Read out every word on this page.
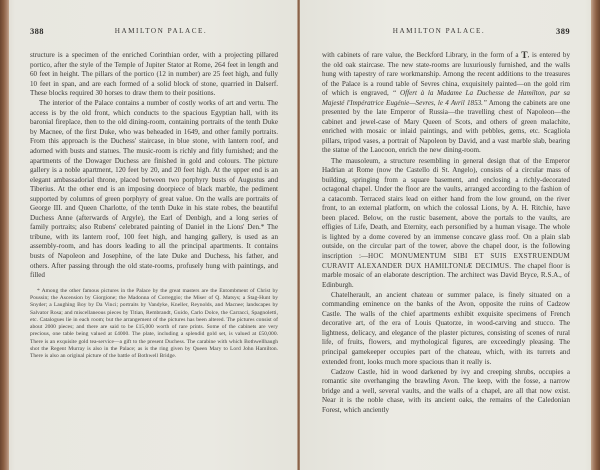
388	HAMILTON PALACE.

structure is a specimen of the enriched Corinthian order, with a projecting pillared portico, after the style of the Temple of Jupiter Stator at Rome, 264 feet in length and 60 feet in height. The pillars of the portico (12 in number) are 25 feet high, and fully 10 feet in span, and are each formed of a solid block of stone, quarried in Dalserf. These blocks required 30 horses to draw them to their positions.

The interior of the Palace contains a number of costly works of art and vertu. The access is by the old front, which conducts to the spacious Egyptian hall, with its baronial fireplace, then to the old dining-room, containing portraits of the tenth Duke by Macnee, of the first Duke, who was beheaded in 1649, and other family portraits. From this approach is the Duchess' staircase, in blue stone, with lantern roof, and adorned with busts and statues. The music-room is richly and fitly furnished; and the apartments of the Dowager Duchess are finished in gold and colours. The picture gallery is a noble apartment, 120 feet by 20, and 20 feet high. At the upper end is an elegant ambassadorial throne, placed between two porphyry busts of Augustus and Tiberius. At the other end is an imposing doorpiece of black marble, the pediment supported by columns of green porphyry of great value. On the walls are portraits of George III. and Queen Charlotte, of the tenth Duke in his state robes, the beautiful Duchess Anne (afterwards of Argyle), the Earl of Denbigh, and a long series of family portraits; also Rubens' celebrated painting of Daniel in the Lions' Den.* The tribune, with its lantern roof, 100 feet high, and hanging gallery, is used as an assembly-room, and has doors leading to all the principal apartments. It contains busts of Napoleon and Josephine, of the late Duke and Duchess, his father, and others. After passing through the old state-rooms, profusely hung with paintings, and filled

* Among the other famous pictures in the Palace by the great masters are the Entombment of Christ by Poussin; the Ascension by Giorgione; the Madonna of Correggio; the Miser of Q. Matsys; a Stag-Hunt by Snyder; a Laughing Boy by Da Vinci; portraits by Vandyke, Kneller, Reynolds, and Macnee; landscapes by Salvator Rosa; and miscellaneous pieces by Titian, Rembrandt, Guido, Carlo Dolce, the Carracci, Spagnoletti, etc. Catalogues lie in each room; but the arrangement of the pictures has been altered. The pictures consist of about 2000 pieces; and there are said to be £15,000 worth of rare prints. Some of the cabinets are very precious, one table being valued at £4000. The plate, including a splendid gold set, is valued at £50,000. There is an exquisite gold tea-service—a gift to the present Duchess. The carabine with which Bothwellhaugh shot the Regent Murray is also in the Palace; as is the ring given by Queen Mary to Lord John Hamilton. There is also an original picture of the battle of Bothwell Bridge.

HAMILTON PALACE.	389

with cabinets of rare value, the Beckford Library, in the form of a T, is entered by the old oak staircase. The new state-rooms are luxuriously furnished, and the walls hung with tapestry of rare workmanship. Among the recent additions to the treasures of the Palace is a round table of Sevres china, exquisitely painted—on the gold rim of which is engraved, “ Offert à la Madame La Duchesse de Hamilton, par sa Majesté l'Impératrice Eugénie—Sevres, le 4 Avril 1853.” Among the cabinets are one presented by the late Emperor of Russia—the travelling chest of Napoleon—the cabinet and jewel-case of Mary Queen of Scots, and others of green malachite, enriched with mosaic or inlaid paintings, and with pebbles, gems, etc. Scagliola pillars, tripod vases, a portrait of Napoleon by David, and a vast marble slab, bearing the statue of the Laocoon, enrich the new dining-room.

The mausoleum, a structure resembling in general design that of the Emperor Hadrian at Rome (now the Castello di St. Angelo), consists of a circular mass of building, springing from a square basement, and enclosing a richly-decorated octagonal chapel. Under the floor are the vaults, arranged according to the fashion of a catacomb. Terraced stairs lead on either hand from the low ground, on the river front, to an external platform, on which the colossal Lions, by A. H. Ritchie, have been placed. Below, on the rustic basement, above the portals to the vaults, are effigies of Life, Death, and Eternity, each personified by a human visage. The whole is lighted by a dome covered by an immense concave glass roof. On a plain slab outside, on the circular part of the tower, above the chapel door, is the following inscription :—HOC MONUMENTUM SIBI ET SUIS EXSTRUENDUM CURAVIT ALEXANDER DUX HAMILTONIÆ DECIMUS. The chapel floor is marble mosaic of an elaborate description. The architect was David Bryce, R.S.A., of Edinburgh.

Chatelherault, an ancient chateau or summer palace, is finely situated on a commanding eminence on the banks of the Avon, opposite the ruins of Cadzow Castle. The walls of the chief apartments exhibit exquisite specimens of French decorative art, of the era of Louis Quatorze, in wood-carving and stucco. The lightness, delicacy, and elegance of the plaster pictures, consisting of scenes of rural life, of fruits, flowers, and mythological figures, are exceedingly pleasing. The principal gamekeeper occupies part of the chateau, which, with its turrets and extended front, looks much more spacious than it really is.

Cadzow Castle, hid in wood darkened by ivy and creeping shrubs, occupies a romantic site overhanging the brawling Avon. The keep, with the fosse, a narrow bridge and a well, several vaults, and the walls of a chapel, are all that now exist. Near it is the noble chase, with its ancient oaks, the remains of the Caledonian Forest, which anciently
